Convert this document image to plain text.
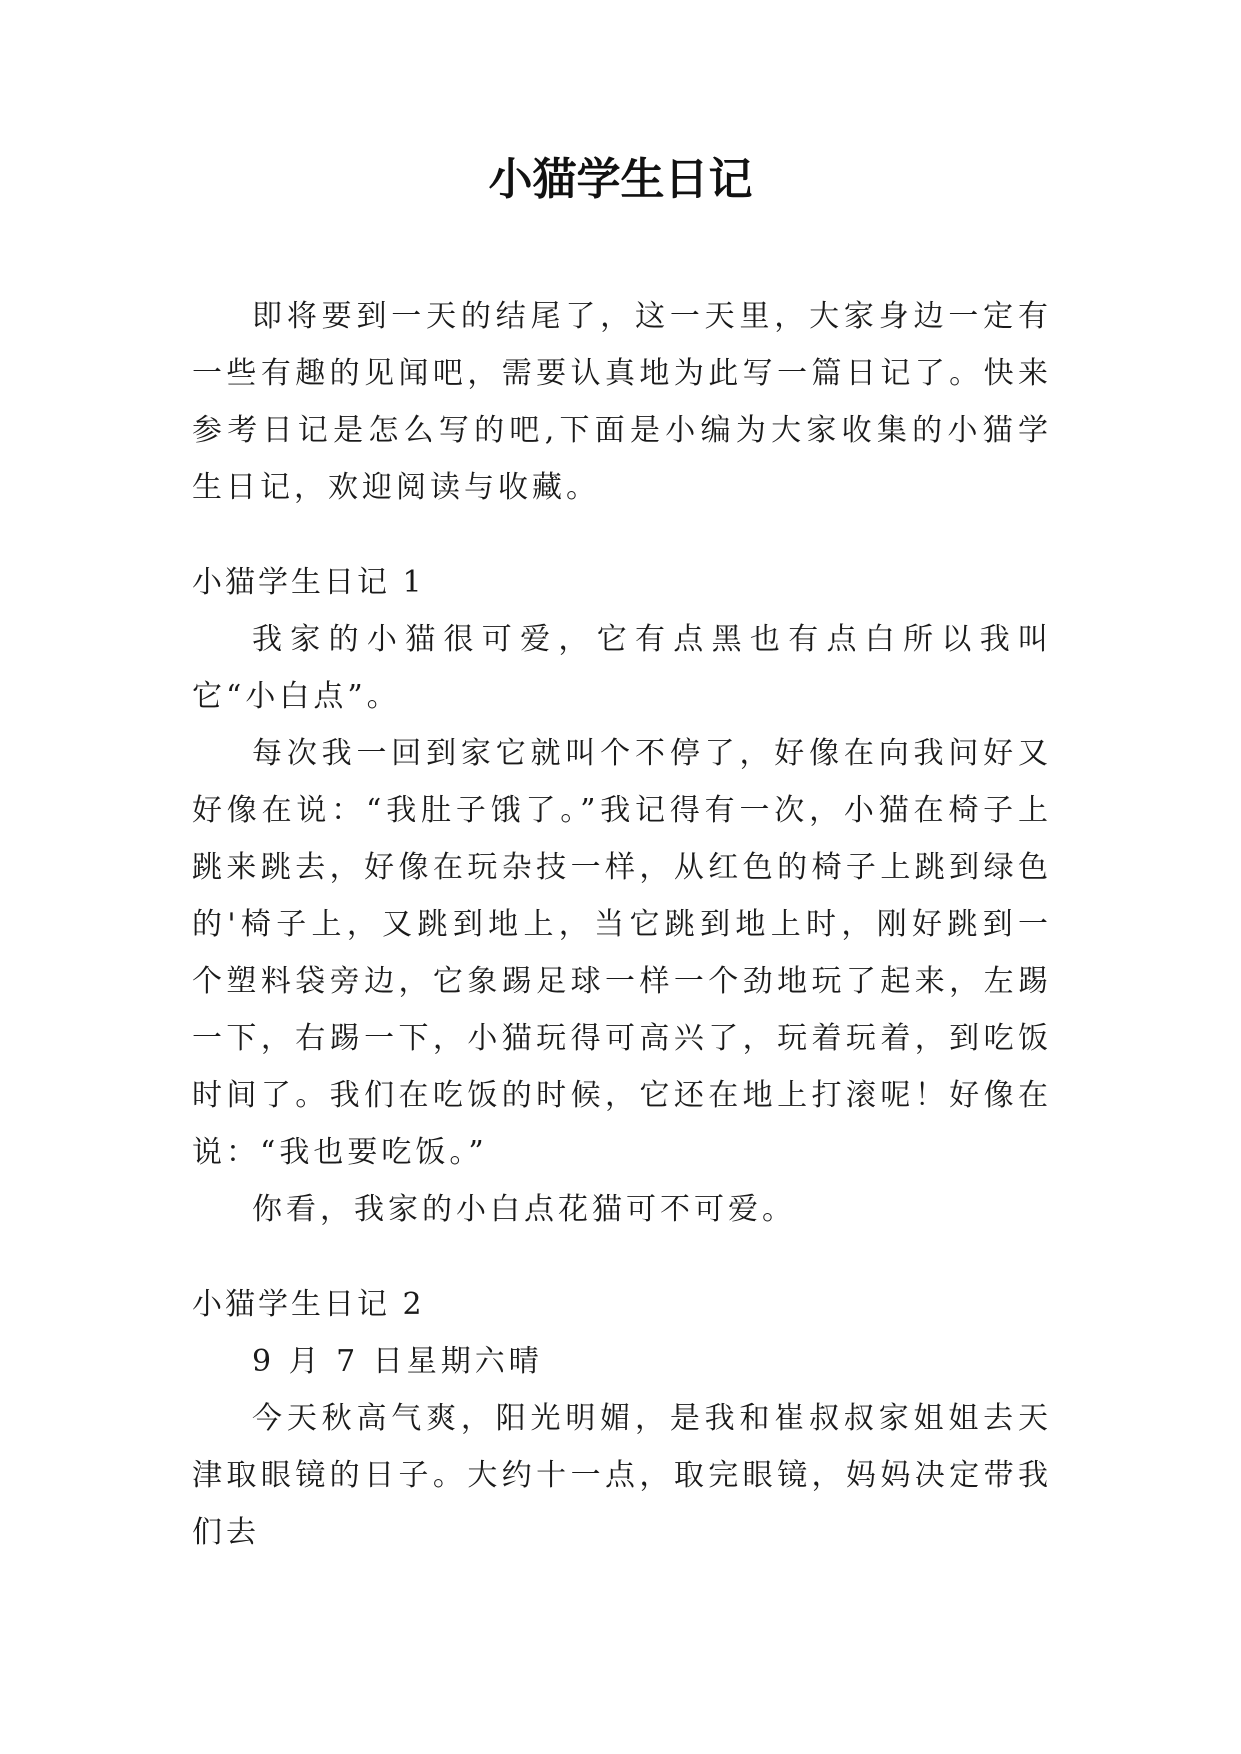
小猫学生日记

即将要到一天的结尾了，这一天里，大家身边一定有一些有趣的见闻吧，需要认真地为此写一篇日记了。快来参考日记是怎么写的吧,下面是小编为大家收集的小猫学生日记，欢迎阅读与收藏。

小猫学生日记 1

我家的小猫很可爱，它有点黑也有点白所以我叫它“小白点”。

每次我一回到家它就叫个不停了，好像在向我问好又好像在说：“我肚子饿了。”我记得有一次，小猫在椅子上跳来跳去，好像在玩杂技一样，从红色的椅子上跳到绿色的'椅子上，又跳到地上，当它跳到地上时，刚好跳到一个塑料袋旁边，它象踢足球一样一个劲地玩了起来，左踢一下，右踢一下，小猫玩得可高兴了，玩着玩着，到吃饭时间了。我们在吃饭的时候，它还在地上打滚呢！好像在说：“我也要吃饭。”

你看，我家的小白点花猫可不可爱。

小猫学生日记 2

9 月 7 日星期六晴

今天秋高气爽，阳光明媚，是我和崔叔叔家姐姐去天津取眼镜的日子。大约十一点，取完眼镜，妈妈决定带我们去
